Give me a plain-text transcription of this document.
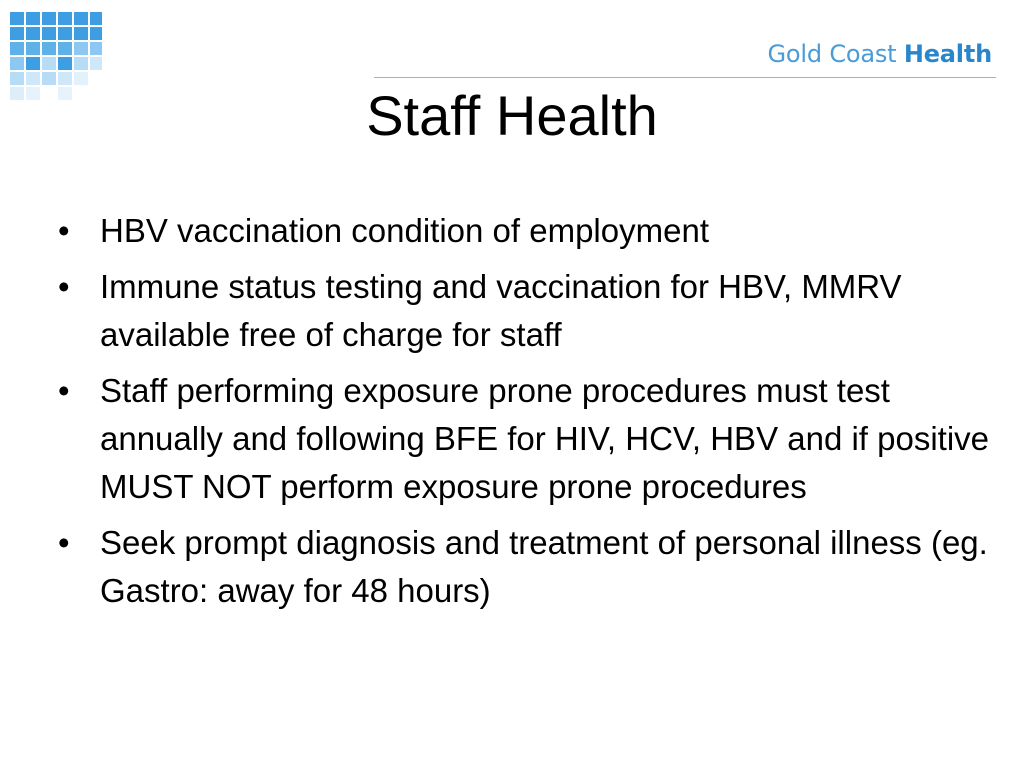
Gold Coast Health
Staff Health
• HBV vaccination condition of employment
• Immune status testing and vaccination for HBV, MMRV available free of charge for staff
• Staff performing exposure prone procedures must test annually and following BFE for HIV, HCV, HBV and if positive MUST NOT perform exposure prone procedures
• Seek prompt diagnosis and treatment of personal illness (eg. Gastro: away for 48 hours)
